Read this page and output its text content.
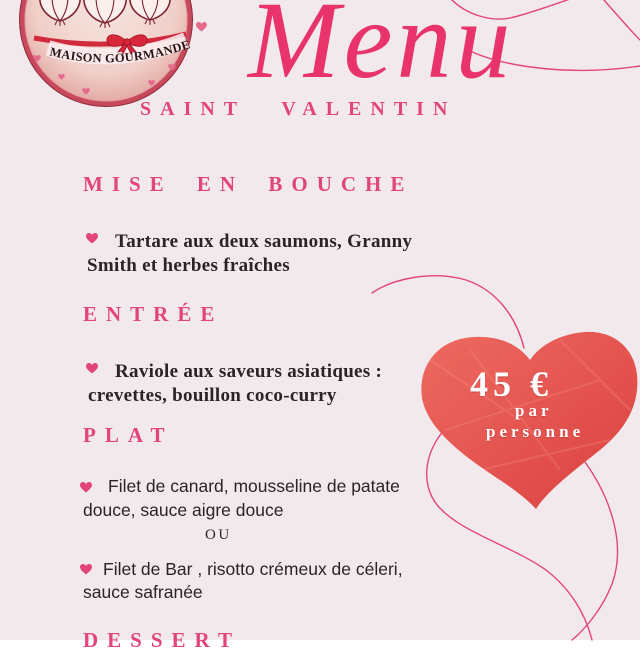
MAISON GOURMANDE Menu
SAINT VALENTIN
MISE EN BOUCHE
Tartare aux deux saumons, Granny
Smith et herbes fraîches
ENTRÉE
Raviole aux saveurs asiatiques :
crevettes, bouillon coco-curry
PLAT
Filet de canard, mousseline de patate
douce, sauce aigre douce
OU
Filet de Bar , risotto crémeux de céleri,
sauce safranée
DESSERT
45 €
par
personne
